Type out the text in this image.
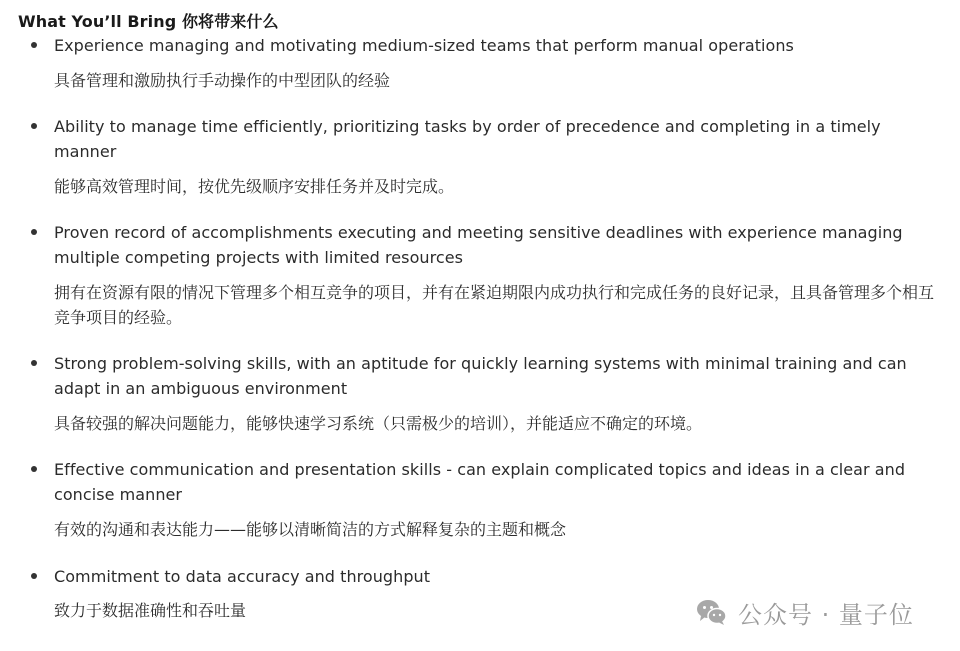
What You’ll Bring 你将带来什么
Experience managing and motivating medium-sized teams that perform manual operations
具备管理和激励执行手动操作的中型团队的经验
Ability to manage time efficiently, prioritizing tasks by order of precedence and completing in a timely manner
能够高效管理时间，按优先级顺序安排任务并及时完成。
Proven record of accomplishments executing and meeting sensitive deadlines with experience managing multiple competing projects with limited resources
拥有在资源有限的情况下管理多个相互竞争的项目，并有在紧迫期限内成功执行和完成任务的良好记录，且具备管理多个相互竞争项目的经验。
Strong problem-solving skills, with an aptitude for quickly learning systems with minimal training and can adapt in an ambiguous environment
具备较强的解决问题能力，能够快速学习系统（只需极少的培训），并能适应不确定的环境。
Effective communication and presentation skills - can explain complicated topics and ideas in a clear and concise manner
有效的沟通和表达能力——能够以清晰简洁的方式解释复杂的主题和概念
Commitment to data accuracy and throughput
致力于数据准确性和吞吐量	公众号 · 量子位
